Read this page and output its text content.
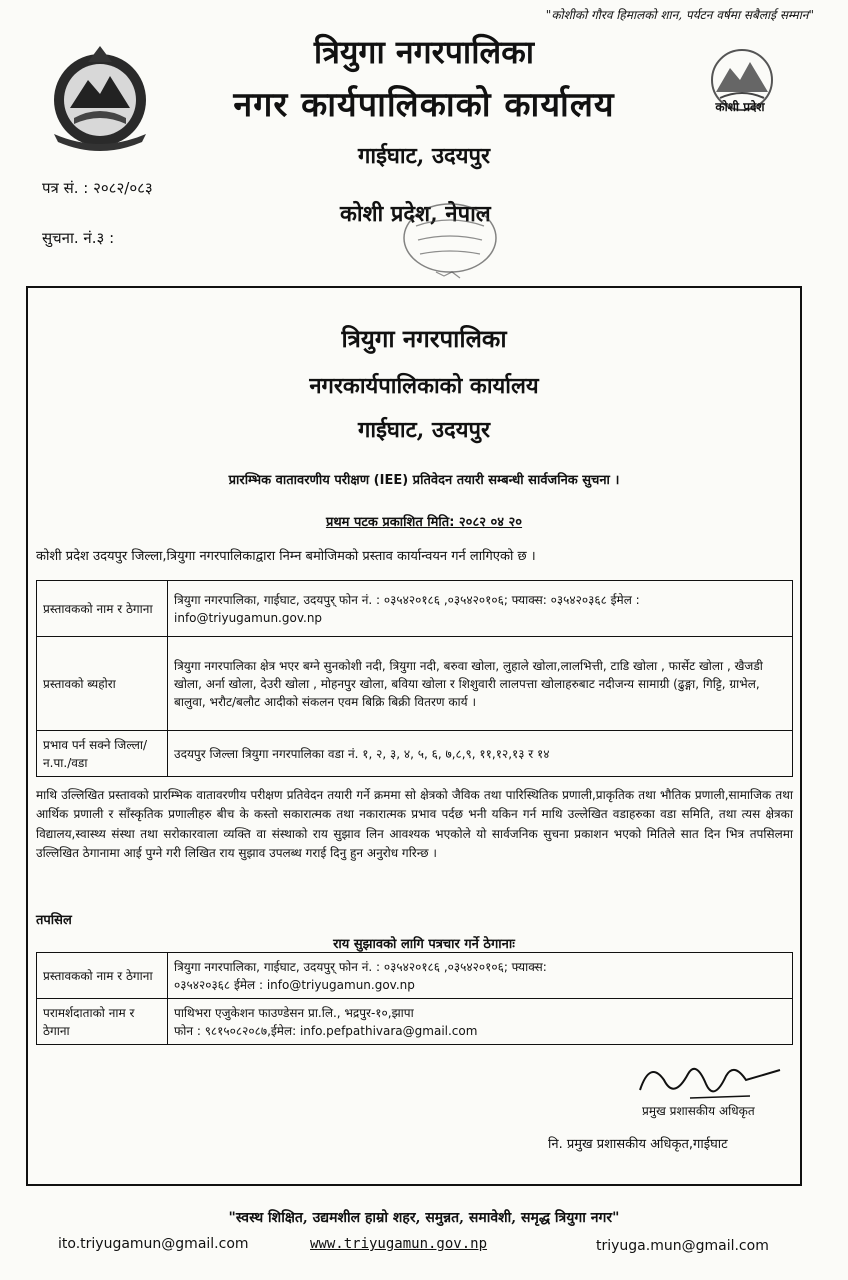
"कोशीको गौरव हिमालको शान, पर्यटन वर्षमा सबैलाई सम्मान"
कोशी प्रदेश
त्रियुगा नगरपालिका
नगर कार्यपालिकाको कार्यालय
गाईघाट, उदयपुर
पत्र सं. : २०८२/०८३
कोशी प्रदेश, नेपाल
सुचना. नं.३ :
त्रियुगा नगरपालिका
नगरकार्यपालिकाको कार्यालय
गाईघाट, उदयपुर
प्रारम्भिक वातावरणीय परीक्षण (IEE) प्रतिवेदन तयारी सम्बन्धी सार्वजनिक सुचना ।
प्रथम पटक प्रकाशित मिति: २०८२ ०४ २०
कोशी प्रदेश उदयपुर जिल्ला,त्रियुगा नगरपालिकाद्वारा निम्न बमोजिमको प्रस्ताव कार्यान्वयन गर्न लागिएको छ ।
प्रस्तावकको नाम र ठेगाना	त्रियुगा नगरपालिका, गाईघाट, उदयपुर् फोन नं. : ०३५४२०१८६ ,०३५४२०१०६; फ्याक्स: ०३५४२०३६८ ईमेल : info@triyugamun.gov.np
प्रस्तावको ब्यहोरा	त्रियुगा नगरपालिका क्षेत्र भएर बग्ने सुनकोशी नदी, त्रियुगा नदी, बरुवा खोला, लुहाले खोला,लालभित्ती, टाडि खोला , फार्सेट खोला , खैजडी खोला, अर्ना खोला, देउरी खोला , मोहनपुर खोला, बविया खोला र शिशुवारी लालपत्ता खोलाहरुबाट नदीजन्य सामाग्री (ढुङ्गा, गिट्टि, ग्राभेल, बालुवा, भरौट/बलौट आदीको संकलन एवम बिक्रि बिक्री वितरण कार्य ।
प्रभाव पर्न सक्ने जिल्ला/न.पा./वडा	उदयपुर जिल्ला त्रियुगा नगरपालिका वडा नं. १, २, ३, ४, ५, ६, ७,८,९, ११,१२,१३ र १४
माथि उल्लिखित प्रस्तावको प्रारम्भिक वातावरणीय परीक्षण प्रतिवेदन तयारी गर्ने क्रममा सो क्षेत्रको जैविक तथा पारिस्थितिक प्रणाली,प्राकृतिक तथा भौतिक प्रणाली,सामाजिक तथा आर्थिक प्रणाली र साँस्कृतिक प्रणालीहरु बीच के कस्तो सकारात्मक तथा नकारात्मक प्रभाव पर्दछ भनी यकिन गर्न माथि उल्लेखित वडाहरुका वडा समिति, तथा त्यस क्षेत्रका विद्यालय,स्वास्थ्य संस्था तथा सरोकारवाला व्यक्ति वा संस्थाको राय सुझाव लिन आवश्यक भएकोले यो सार्वजनिक सुचना प्रकाशन भएको मितिले सात दिन भित्र तपसिलमा उल्लिखित ठेगानामा आई पुग्ने गरी लिखित राय सुझाव उपलब्ध गराई दिनु हुन अनुरोध गरिन्छ ।
तपसिल
राय सुझावको लागि पत्रचार गर्ने ठेगानाः
प्रस्तावकको नाम र ठेगाना	त्रियुगा नगरपालिका, गाईघाट, उदयपुर् फोन नं. : ०३५४२०१८६ ,०३५४२०१०६; फ्याक्स:
०३५४२०३६८ ईमेल : info@triyugamun.gov.np

परामर्शदाताको नाम र ठेगाना	पाथिभरा एजुकेशन फाउण्डेसन प्रा.लि., भद्रपुर-१०,झापा
फोन : ९८१५०८२०८७,ईमेल: info.pefpathivara@gmail.com
प्रमुख प्रशासकीय अधिकृत
नि. प्रमुख प्रशासकीय अधिकृत,गाईघाट
"स्वस्थ शिक्षित, उद्यमशील हाम्रो शहर, समुन्नत, समावेशी, समृद्ध त्रियुगा नगर"
ito.triyugamun@gmail.com	www.triyugamun.gov.np	triyuga.mun@gmail.com
